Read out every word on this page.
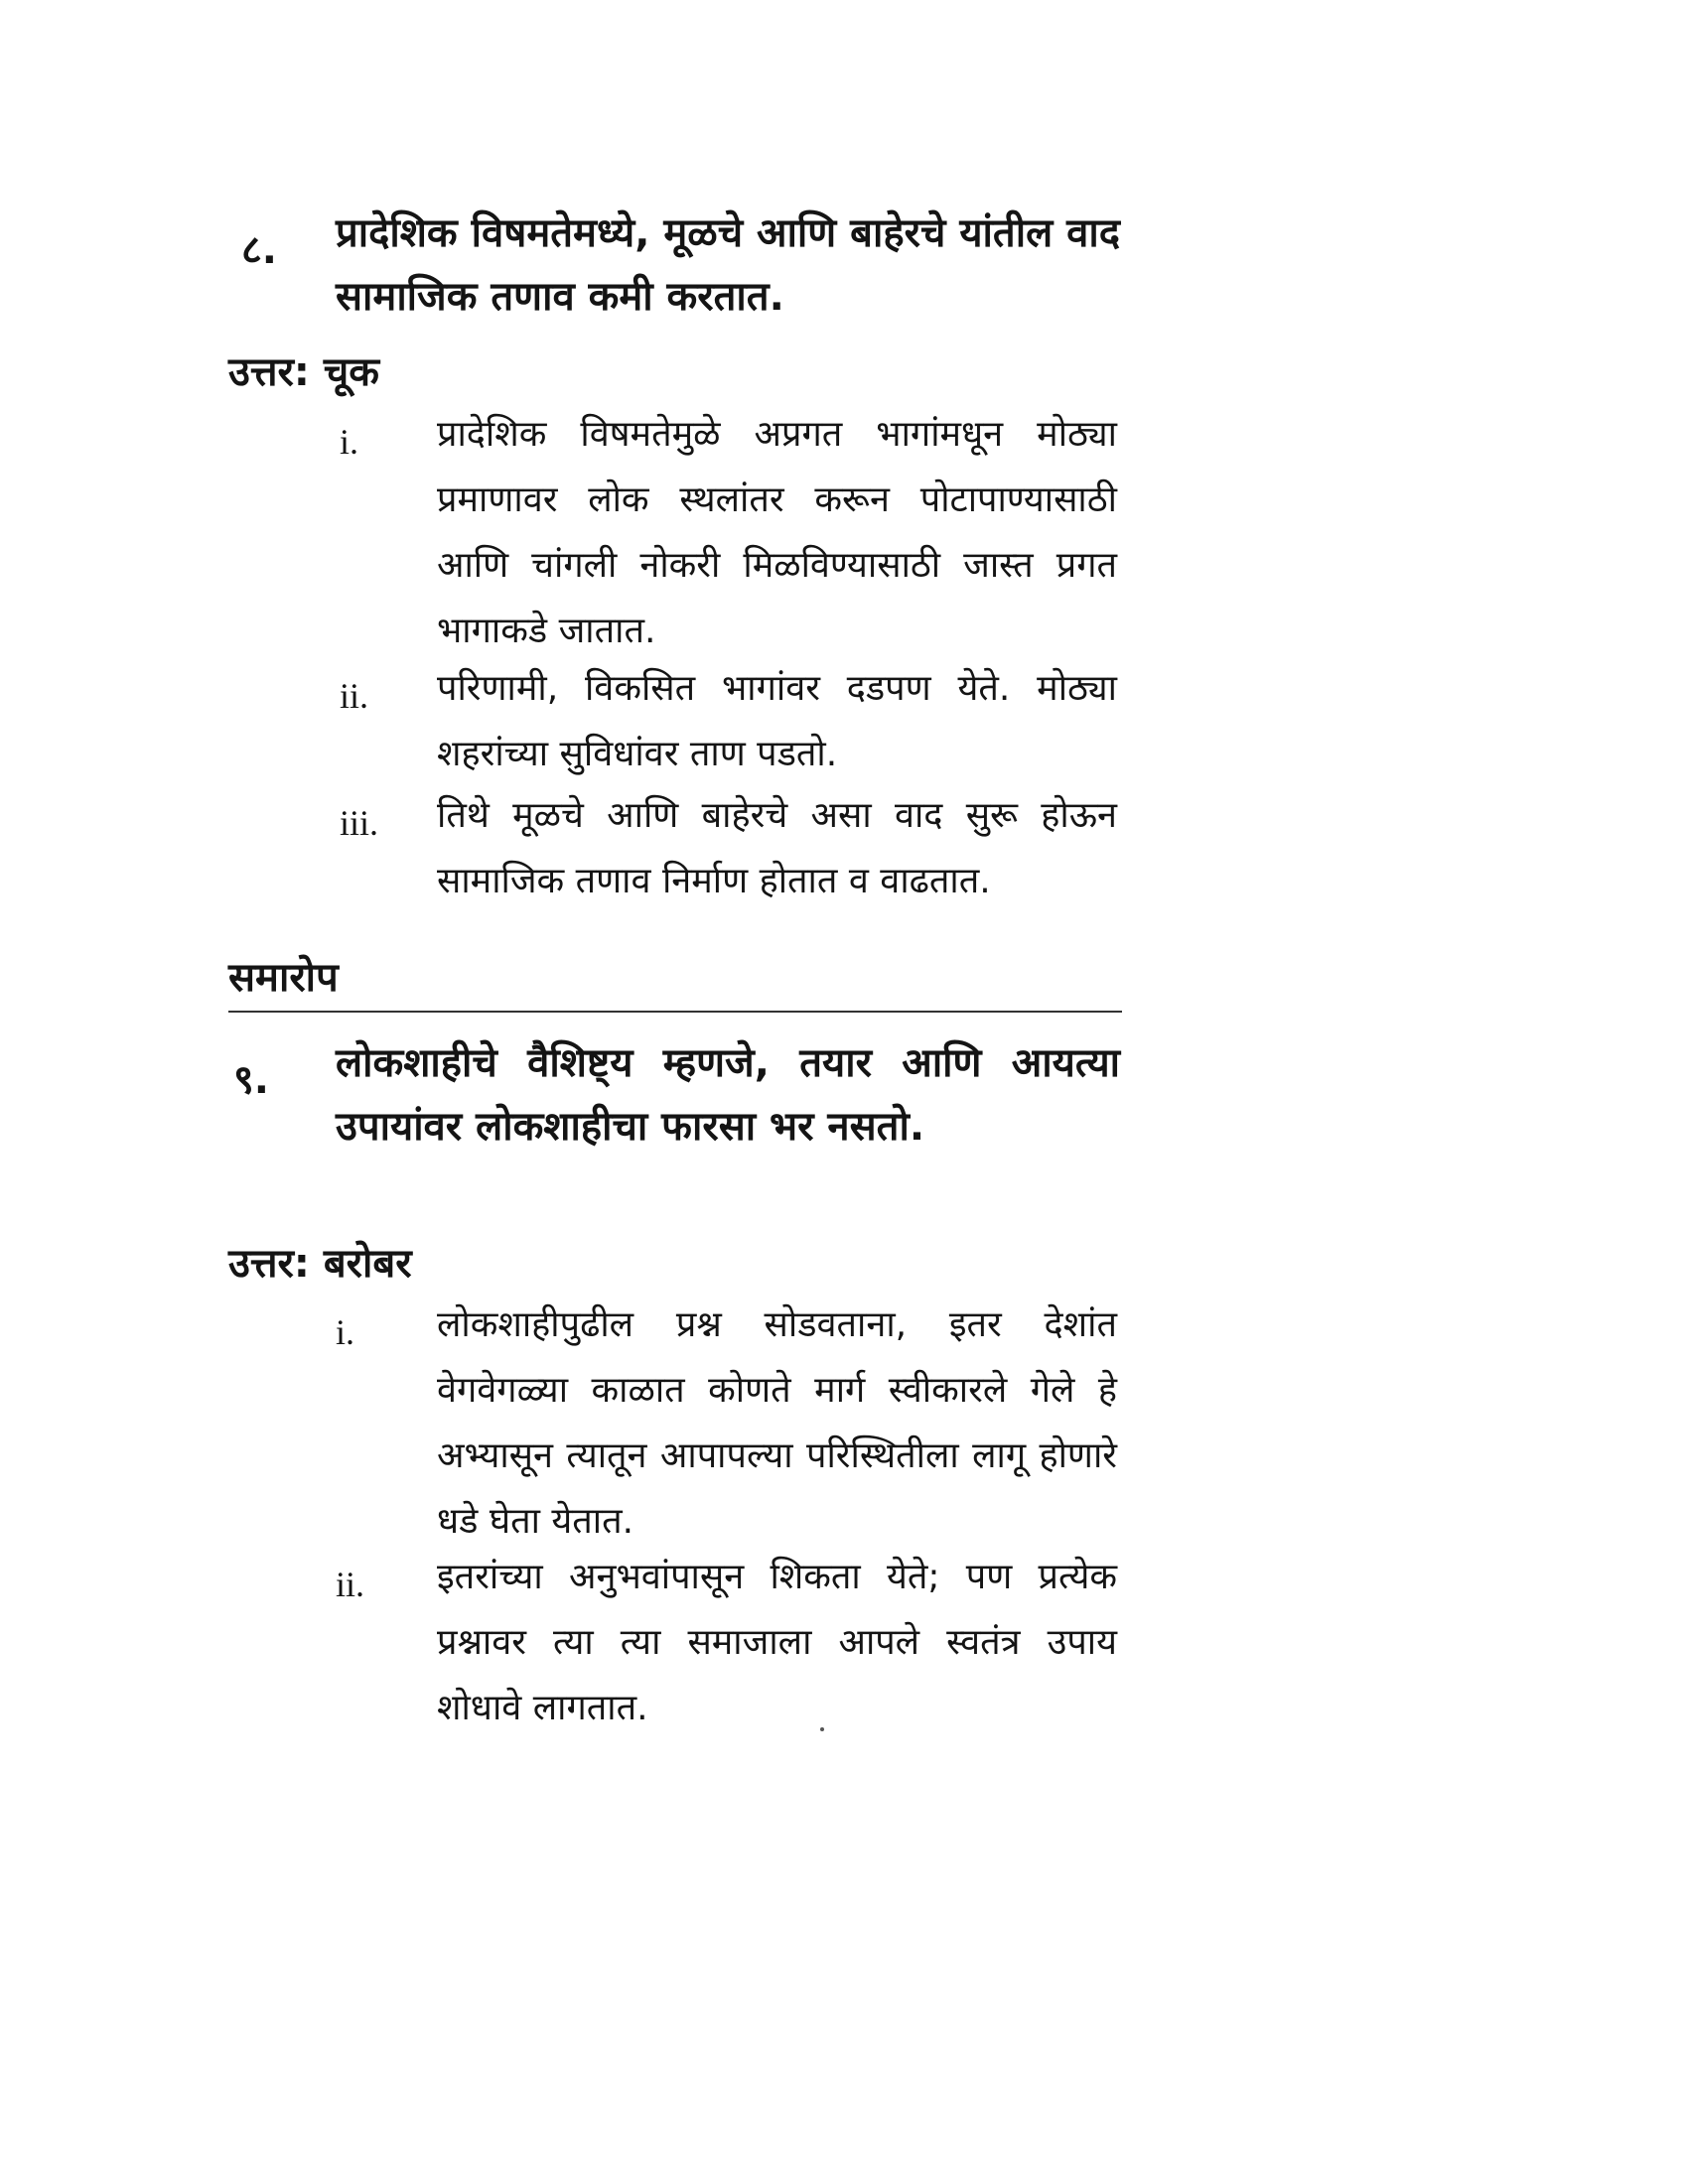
८. प्रादेशिक विषमतेमध्ये, मूळचे आणि बाहेरचे यांतील वाद सामाजिक तणाव कमी करतात.
उत्तर: चूक
i. प्रादेशिक विषमतेमुळे अप्रगत भागांमधून मोठ्या प्रमाणावर लोक स्थलांतर करून पोटापाण्यासाठी आणि चांगली नोकरी मिळविण्यासाठी जास्त प्रगत भागाकडे जातात.
ii. परिणामी, विकसित भागांवर दडपण येते. मोठ्या शहरांच्या सुविधांवर ताण पडतो.
iii. तिथे मूळचे आणि बाहेरचे असा वाद सुरू होऊन सामाजिक तणाव निर्माण होतात व वाढतात.
समारोप
९. लोकशाहीचे वैशिष्ट्य म्हणजे, तयार आणि आयत्या उपायांवर लोकशाहीचा फारसा भर नसतो.
उत्तर: बरोबर
i. लोकशाहीपुढील प्रश्न सोडवताना, इतर देशांत वेगवेगळ्या काळात कोणते मार्ग स्वीकारले गेले हे अभ्यासून त्यातून आपापल्या परिस्थितीला लागू होणारे धडे घेता येतात.
ii. इतरांच्या अनुभवांपासून शिकता येते; पण प्रत्येक प्रश्नावर त्या त्या समाजाला आपले स्वतंत्र उपाय शोधावे लागतात.
